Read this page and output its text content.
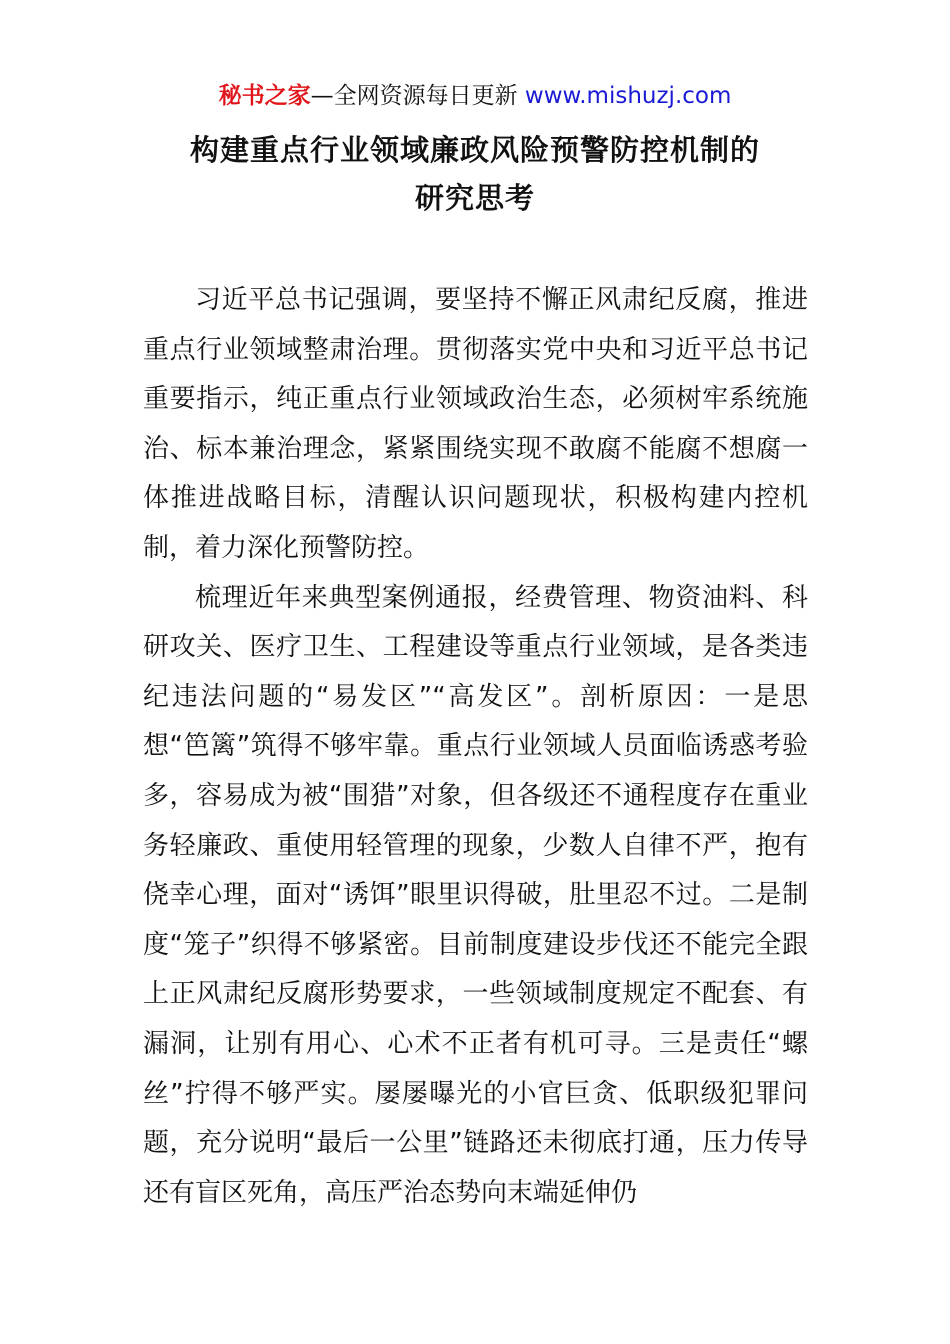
秘书之家—全网资源每日更新 www.mishuzj.com
构建重点行业领域廉政风险预警防控机制的
研究思考

习近平总书记强调，要坚持不懈正风肃纪反腐，推进重点行业领域整肃治理。贯彻落实党中央和习近平总书记重要指示，纯正重点行业领域政治生态，必须树牢系统施治、标本兼治理念，紧紧围绕实现不敢腐不能腐不想腐一体推进战略目标，清醒认识问题现状，积极构建内控机制，着力深化预警防控。

梳理近年来典型案例通报，经费管理、物资油料、科研攻关、医疗卫生、工程建设等重点行业领域，是各类违纪违法问题的“易发区”“高发区”。剖析原因：一是思想“笆篱”筑得不够牢靠。重点行业领域人员面临诱惑考验多，容易成为被“围猎”对象，但各级还不通程度存在重业务轻廉政、重使用轻管理的现象，少数人自律不严，抱有侥幸心理，面对“诱饵”眼里识得破，肚里忍不过。二是制度“笼子”织得不够紧密。目前制度建设步伐还不能完全跟上正风肃纪反腐形势要求，一些领域制度规定不配套、有漏洞，让别有用心、心术不正者有机可寻。三是责任“螺丝”拧得不够严实。屡屡曝光的小官巨贪、低职级犯罪问题，充分说明“最后一公里”链路还未彻底打通，压力传导还有盲区死角，高压严治态势向末端延伸仍
